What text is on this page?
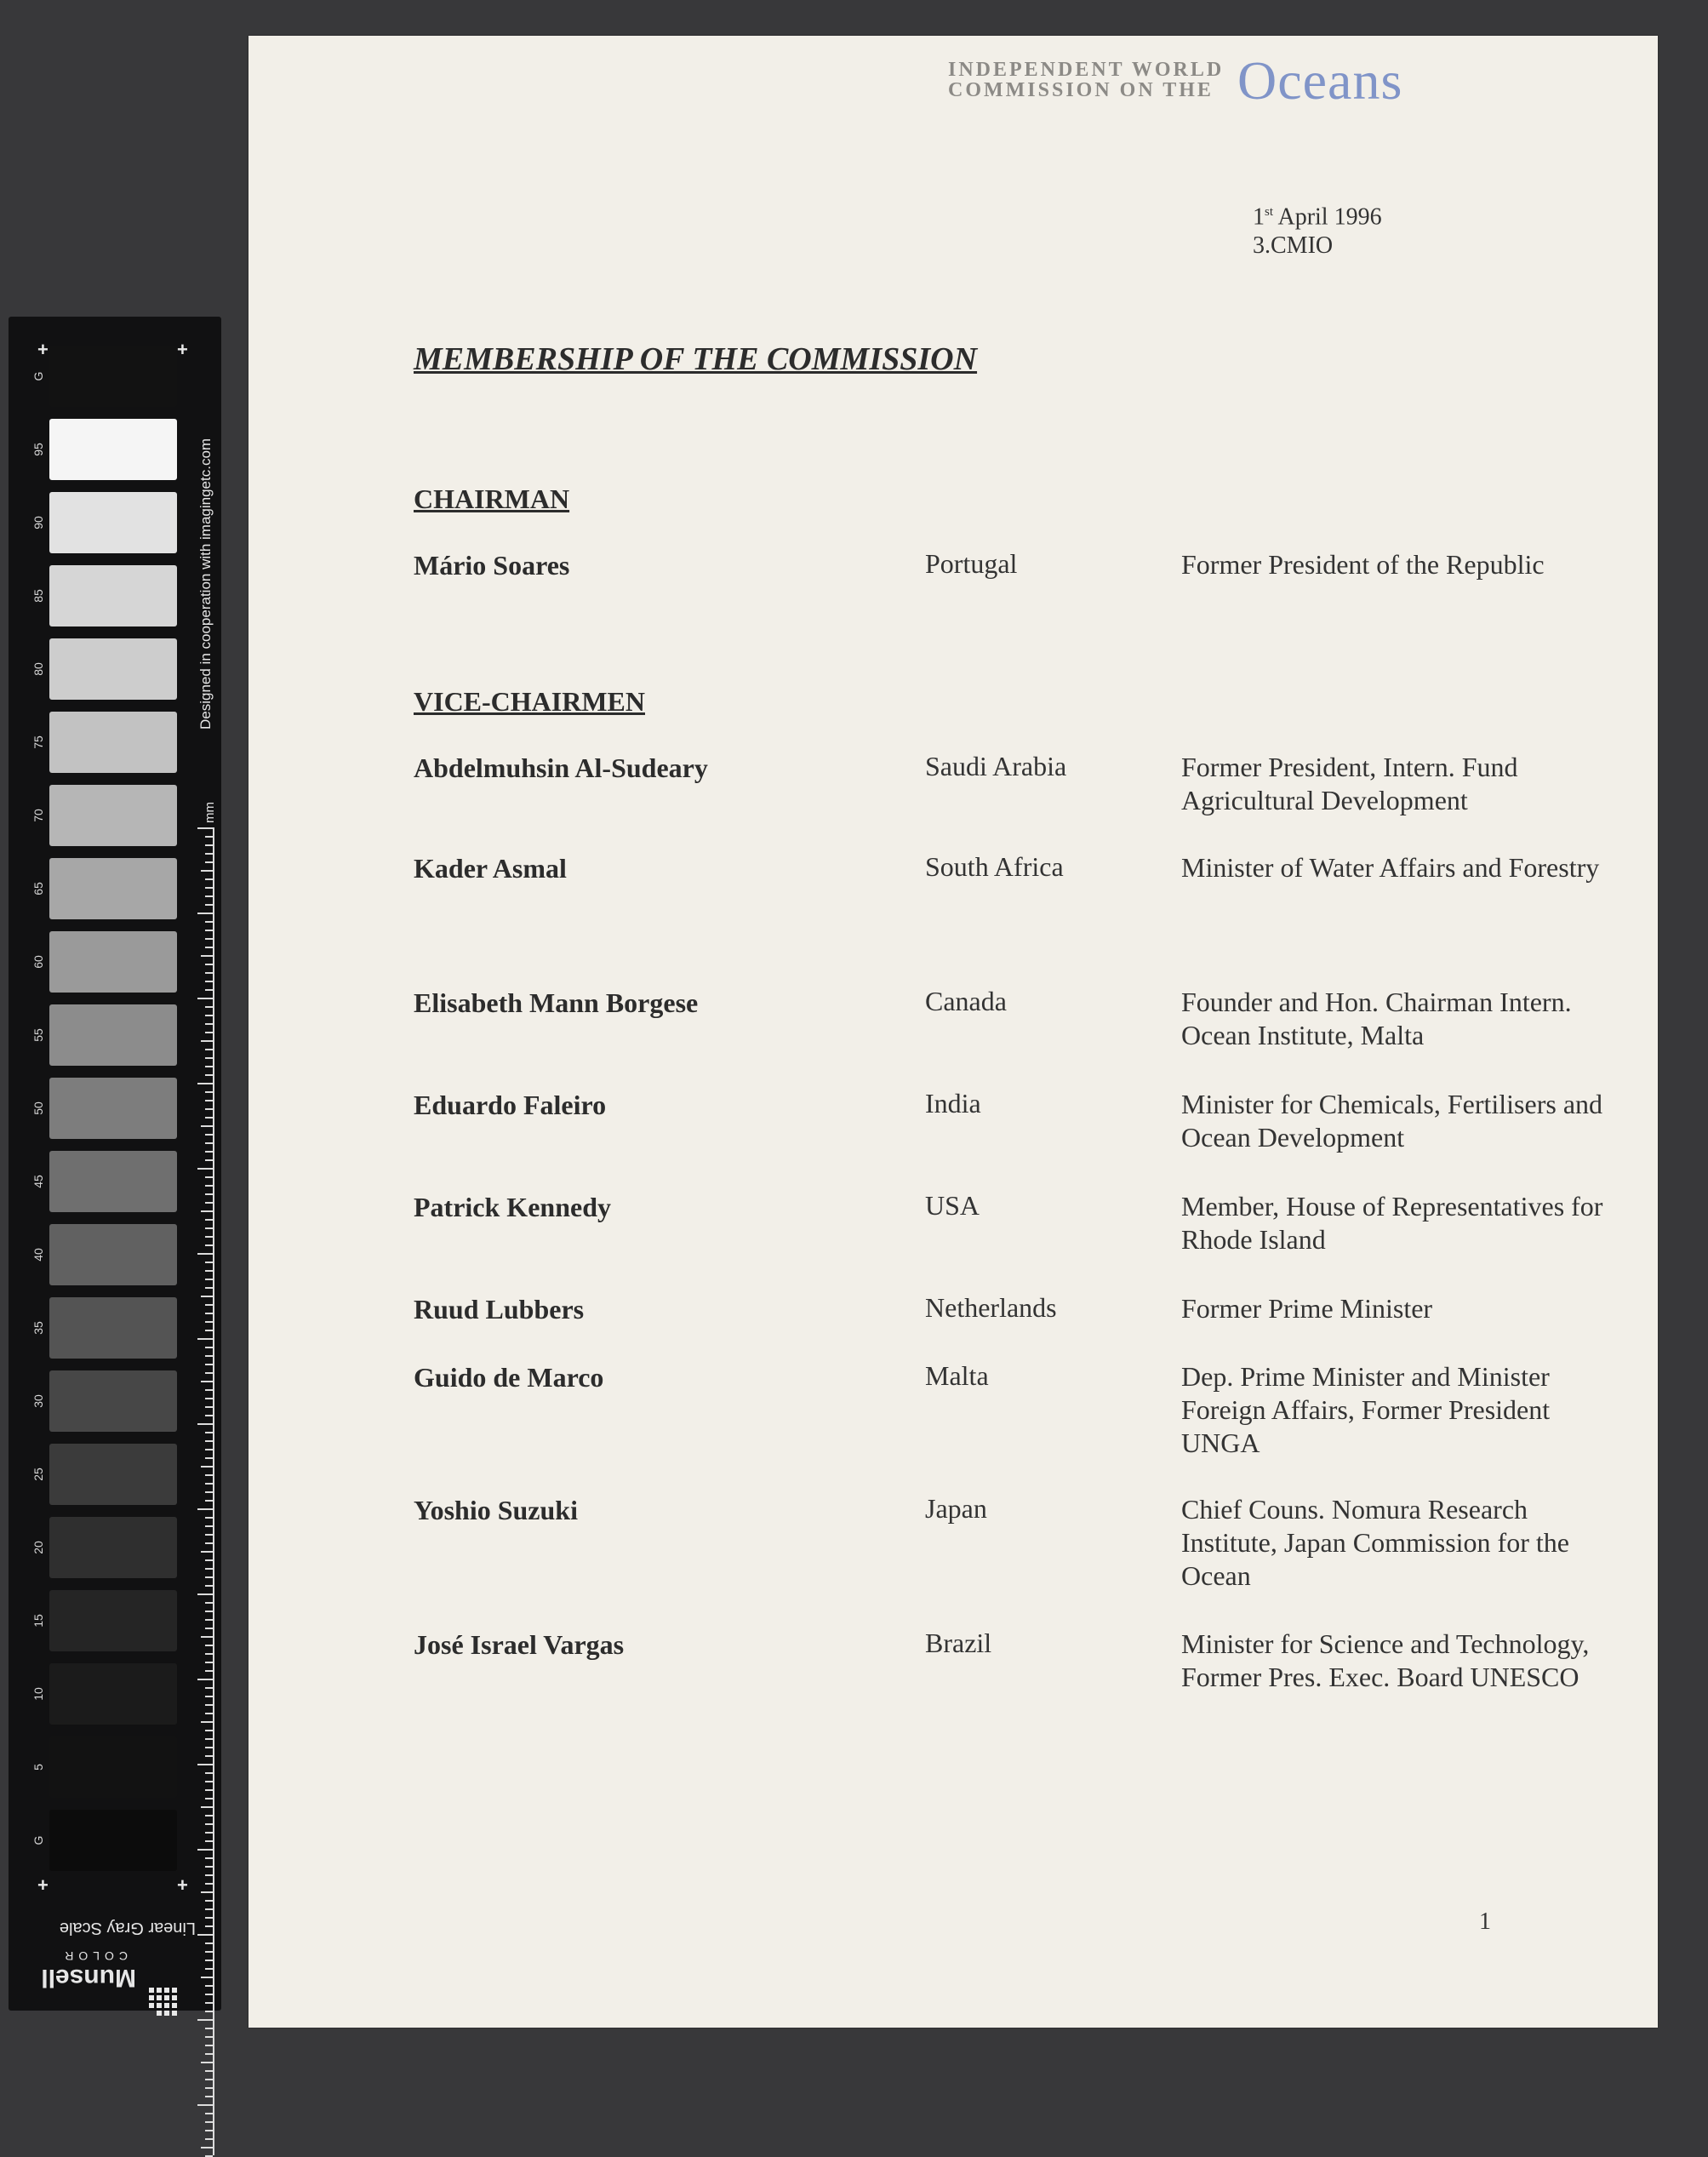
+	+
+	+
Designed in cooperation with imagingetc.com
mm
Linear Gray Scale
Munsell
COLOR
G
95
90
85
80
75
70
65
60
55
50
45
40
35
30
25
20
15
10
5
G
INDEPENDENT WORLD
COMMISSION ON THE Oceans
1st April 1996
3.CMIO
MEMBERSHIP OF THE COMMISSION
CHAIRMAN
Mário Soares	Portugal	Former President of the Republic
VICE-CHAIRMEN
Abdelmuhsin Al-Sudeary	Saudi Arabia	Former President, Intern. Fund Agricultural Development
Kader Asmal	South Africa	Minister of Water Affairs and Forestry
Elisabeth Mann Borgese	Canada	Founder and Hon. Chairman Intern. Ocean Institute, Malta
Eduardo Faleiro	India	Minister for Chemicals, Fertilisers and Ocean Development
Patrick Kennedy	USA	Member, House of Representatives for Rhode Island
Ruud Lubbers	Netherlands	Former Prime Minister
Guido de Marco	Malta	Dep. Prime Minister and Minister Foreign Affairs, Former President UNGA
Yoshio Suzuki	Japan	Chief Couns. Nomura Research Institute, Japan Commission for the Ocean
José Israel Vargas	Brazil	Minister for Science and Technology, Former Pres. Exec. Board UNESCO
1
